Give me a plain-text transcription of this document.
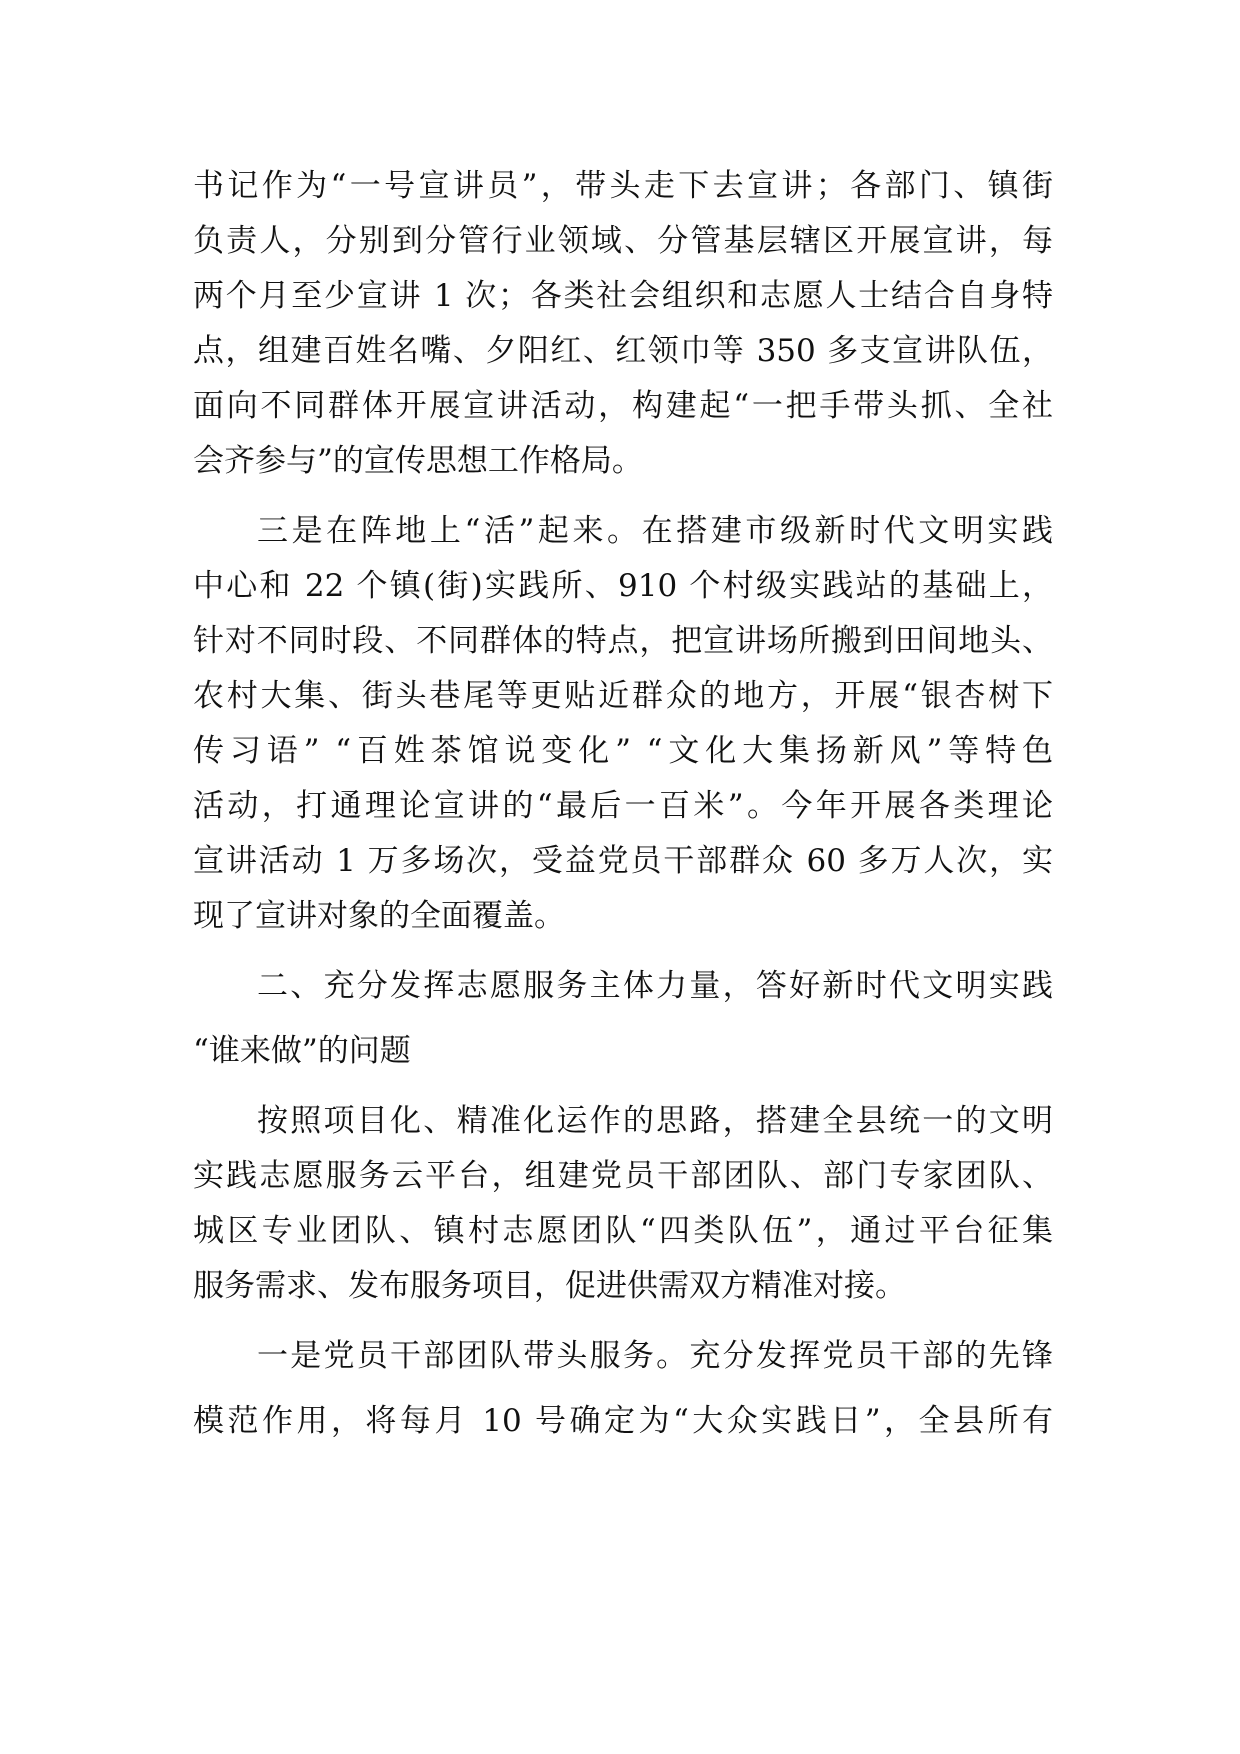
书记作为“一号宣讲员”，带头走下去宣讲；各部门、镇街

负责人，分别到分管行业领域、分管基层辖区开展宣讲，每

两个月至少宣讲 1 次；各类社会组织和志愿人士结合自身特

点，组建百姓名嘴、夕阳红、红领巾等 350 多支宣讲队伍，

面向不同群体开展宣讲活动，构建起“一把手带头抓、全社

会齐参与”的宣传思想工作格局。

三是在阵地上“活”起来。在搭建市级新时代文明实践

中心和 22 个镇(街)实践所、910 个村级实践站的基础上，

针对不同时段、不同群体的特点，把宣讲场所搬到田间地头、

农村大集、街头巷尾等更贴近群众的地方，开展“银杏树下

传习语” “百姓茶馆说变化” “文化大集扬新风”等特色

活动，打通理论宣讲的“最后一百米”。今年开展各类理论

宣讲活动 1 万多场次，受益党员干部群众 60 多万人次，实

现了宣讲对象的全面覆盖。

二、充分发挥志愿服务主体力量，答好新时代文明实践

“谁来做”的问题

按照项目化、精准化运作的思路，搭建全县统一的文明

实践志愿服务云平台，组建党员干部团队、部门专家团队、

城区专业团队、镇村志愿团队“四类队伍”，通过平台征集

服务需求、发布服务项目，促进供需双方精准对接。

一是党员干部团队带头服务。充分发挥党员干部的先锋

模范作用，将每月 10 号确定为“大众实践日”，全县所有
